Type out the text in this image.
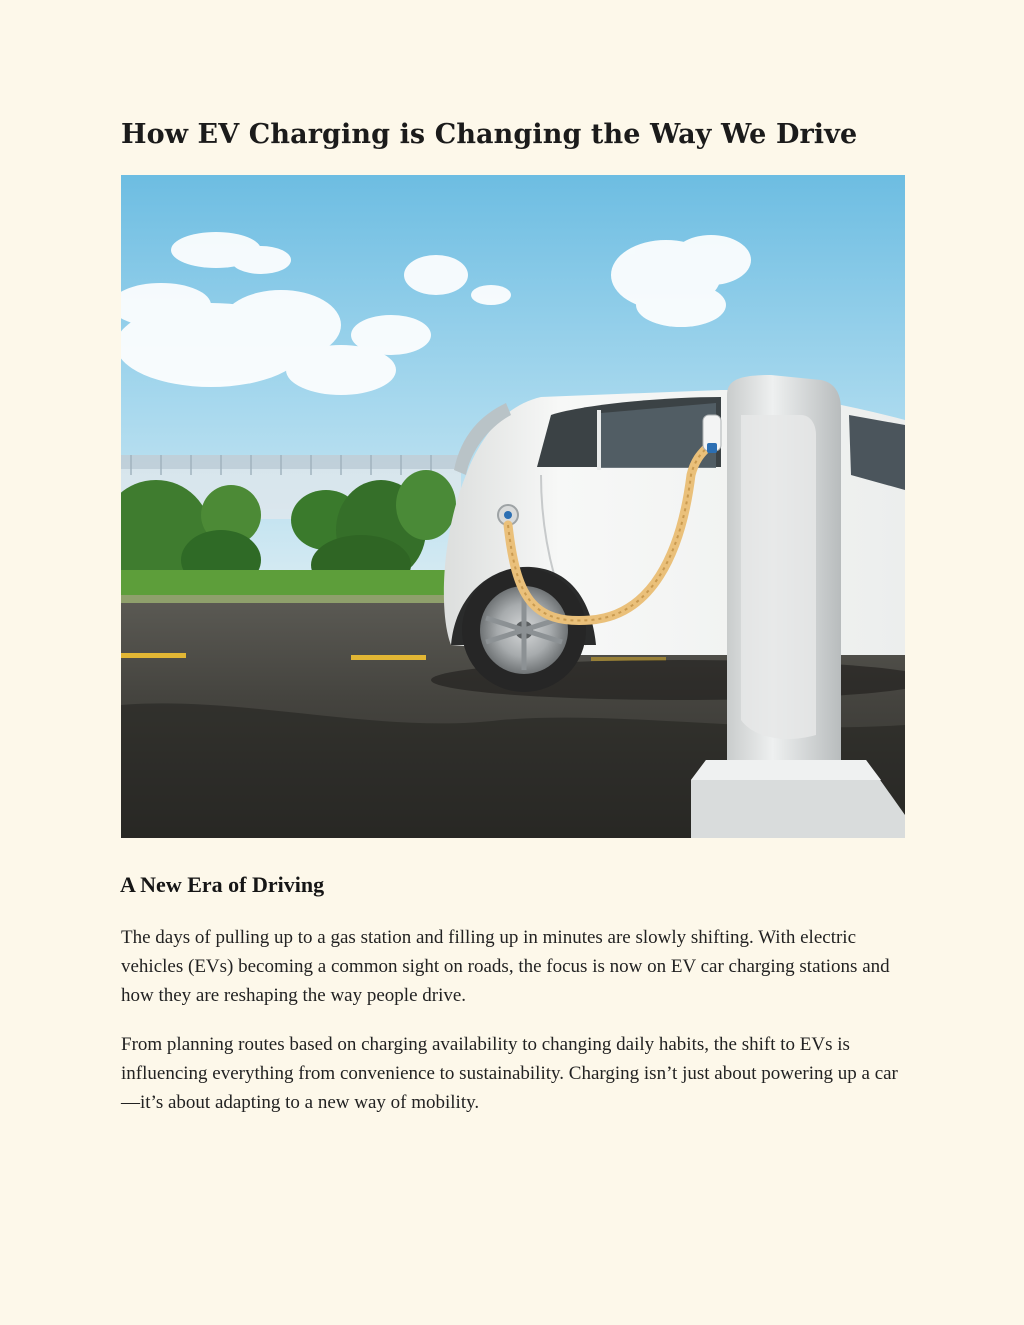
How EV Charging is Changing the Way We Drive
A New Era of Driving

The days of pulling up to a gas station and filling up in minutes are slowly shifting. With electric vehicles (EVs) becoming a common sight on roads, the focus is now on EV car charging stations and how they are reshaping the way people drive.

From planning routes based on charging availability to changing daily habits, the shift to EVs is influencing everything from convenience to sustainability. Charging isn’t just about powering up a car—it’s about adapting to a new way of mobility.
